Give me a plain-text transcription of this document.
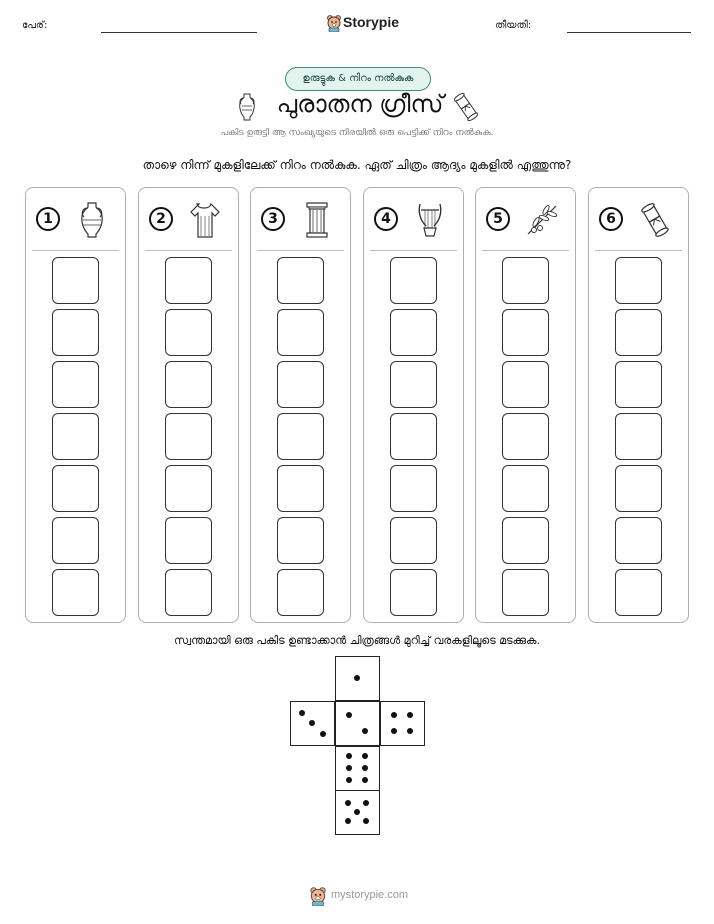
പേര്:	Storypie	തീയതി:
ഉരുട്ടുക & നിറം നൽകുക
പുരാതന ഗ്രീസ്
പകിട ഉരുട്ടി ആ സംഖ്യയുടെ നിരയിൽ ഒരു പെട്ടിക്ക് നിറം നൽകുക.
താഴെ നിന്ന് മുകളിലേക്ക് നിറം നൽകുക. ഏത് ചിത്രം ആദ്യം മുകളിൽ എത്തുന്നു?
1	2	3	4	5	6
സ്വന്തമായി ഒരു പകിട ഉണ്ടാക്കാൻ ചിത്രങ്ങൾ മുറിച്ച് വരകളിലൂടെ മടക്കുക.
mystorypie.com
